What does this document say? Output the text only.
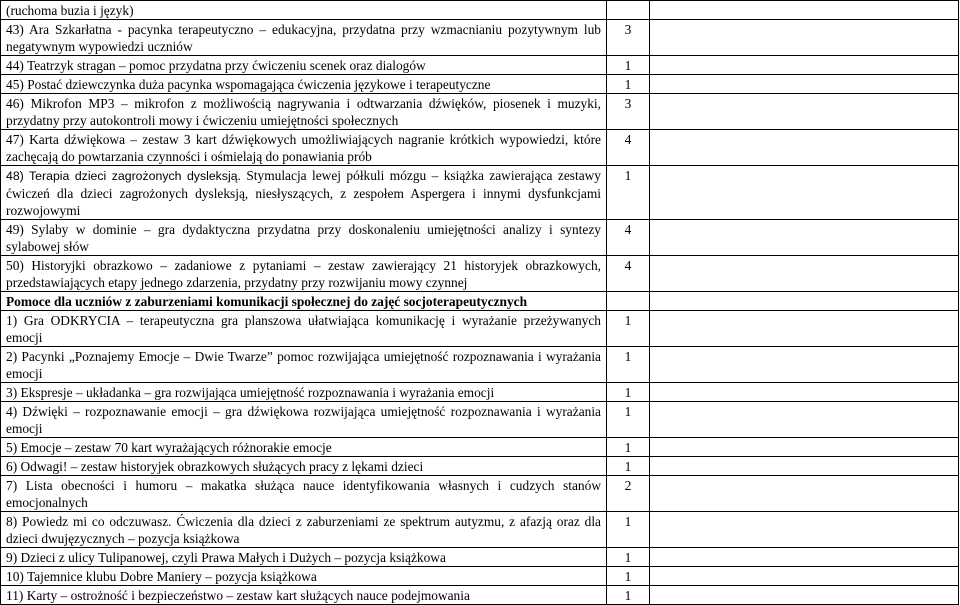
(ruchoma buzia i język)		
43) Ara Szkarłatna - pacynka terapeutyczno – edukacyjna, przydatna przy wzmacnianiu pozytywnym lub negatywnym wypowiedzi uczniów	3	
44) Teatrzyk stragan – pomoc przydatna przy ćwiczeniu scenek oraz dialogów	1	
45) Postać dziewczynka duża pacynka wspomagająca ćwiczenia językowe i terapeutyczne	1	
46) Mikrofon MP3 – mikrofon z możliwością nagrywania i odtwarzania dźwięków, piosenek i muzyki, przydatny przy autokontroli mowy i ćwiczeniu umiejętności społecznych	3	
47) Karta dźwiękowa – zestaw 3 kart dźwiękowych umożliwiających nagranie krótkich wypowiedzi, które zachęcają do powtarzania czynności i ośmielają do ponawiania prób	4	
48) Terapia dzieci zagrożonych dysleksją. Stymulacja lewej półkuli mózgu – książka zawierająca zestawy ćwiczeń dla dzieci zagrożonych dysleksją, niesłyszących, z zespołem Aspergera i innymi dysfunkcjami rozwojowymi	1	
49) Sylaby w dominie – gra dydaktyczna przydatna przy doskonaleniu umiejętności analizy i syntezy sylabowej słów	4	
50) Historyjki obrazkowo – zadaniowe z pytaniami – zestaw zawierający 21 historyjek obrazkowych, przedstawiających etapy jednego zdarzenia, przydatny przy rozwijaniu mowy czynnej	4	
Pomoce dla uczniów z zaburzeniami komunikacji społecznej do zajęć socjoterapeutycznych		
1) Gra ODKRYCIA – terapeutyczna gra planszowa ułatwiająca komunikację i wyrażanie przeżywanych emocji	1	
2) Pacynki „Poznajemy Emocje – Dwie Twarze” pomoc rozwijająca umiejętność rozpoznawania i wyrażania emocji	1	
3) Ekspresje – układanka – gra rozwijająca umiejętność rozpoznawania i wyrażania emocji	1	
4) Dźwięki – rozpoznawanie emocji – gra dźwiękowa rozwijająca umiejętność rozpoznawania i wyrażania emocji	1	
5) Emocje – zestaw 70 kart wyrażających różnorakie emocje	1	
6) Odwagi! – zestaw historyjek obrazkowych służących pracy z lękami dzieci	1	
7) Lista obecności i humoru – makatka służąca nauce identyfikowania własnych i cudzych stanów emocjonalnych	2	
8) Powiedz mi co odczuwasz. Ćwiczenia dla dzieci z zaburzeniami ze spektrum autyzmu, z afazją oraz dla dzieci dwujęzycznych – pozycja książkowa	1	
9) Dzieci z ulicy Tulipanowej, czyli Prawa Małych i Dużych – pozycja książkowa	1	
10) Tajemnice klubu Dobre Maniery – pozycja książkowa	1	
11) Karty – ostrożność i bezpieczeństwo – zestaw kart służących nauce podejmowania	1	
